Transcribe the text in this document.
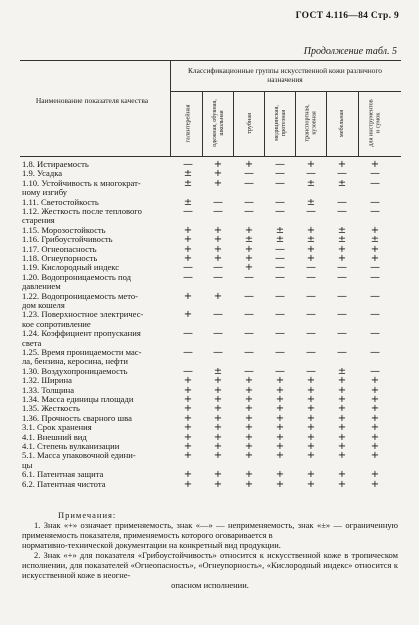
ГОСТ 4.116—84 Стр. 9
Продолжение табл. 5
Наименование показателя качества
Классификационные группы искусственной кожи различного назначения
галантерейная	одежная, обувная,
школьная	трубная	медицинская,
протезная	транспортная,
кузовная	мебельная
для инструментов
и сумок
1.8. Истираемость	—	+	+	—	+	+	+
1.9. Усадка	±	+	—	—	—	—	—
1.10. Устойчивость к многократ-	±	+	—	—	±	±	—
ному изгибу
1.11. Светостойкость	±	—	—	—	±	—	—
1.12. Жесткость после теплового	—	—	—	—	—	—	—
старения
1.15. Морозостойкость	+	+	+	±	+	±	+
1.16. Грибоустойчивость	+	+	±	±	±	±	±
1.17. Огнеопасность	+	+	+	—	+	+	+
1.18. Огнеупорность	+	+	+	—	+	+	+
1.19. Кислородный индекс	—	—	+	—	—	—	—
1.20. Водопроницаемость под	—	—	—	—	—	—	—
давлением
1.22. Водопроницаемость мето-	+	+	—	—	—	—	—
дом кошеля
1.23. Поверхностное электричес-	+	—	—	—	—	—	—
кое сопротивление
1.24. Коэффициент пропускания	—	—	—	—	—	—	—
света
1.25. Время проницаемости мас-	—	—	—	—	—	—	—
ла, бензина, керосина, нефти
1.30. Воздухопроницаемость	—	±	—	—	—	±	—
1.32. Ширина	+	+	+	+	+	+	+
1.33. Толщина	+	+	+	+	+	+	+
1.34. Масса единицы площади	+	+	+	+	+	+	+
1.35. Жесткость	+	+	+	+	+	+	+
1.36. Прочность сварного шва	+	+	+	+	+	+	+
3.1. Срок хранения	+	+	+	+	+	+	+
4.1. Внешний вид	+	+	+	+	+	+	+
4.1. Степень вулканизации	+	+	+	+	+	+	+
5.1. Масса упаковочной едини-	+	+	+	+	+	+	+
цы
6.1. Патентная защита	+	+	+	+	+	+	+
6.2. Патентная чистота	+	+	+	+	+	+	+

Примечания:

1. Знак «+» означает применяемость, знак «—» — неприменяемость, знак «±» — ограниченную применяемость показателя, применяемость которого оговаривается в

нормативно-технической документации на конкретный вид продукции.

2. Знак «+» для показателя «Грибоустойчивость» относится к искусственной коже в тропическом исполнении, для показателей «Огнеопасность», «Огнеупорность», «Кислородный индекс» относится к искусственной коже в неогне-

опасном исполнении.
